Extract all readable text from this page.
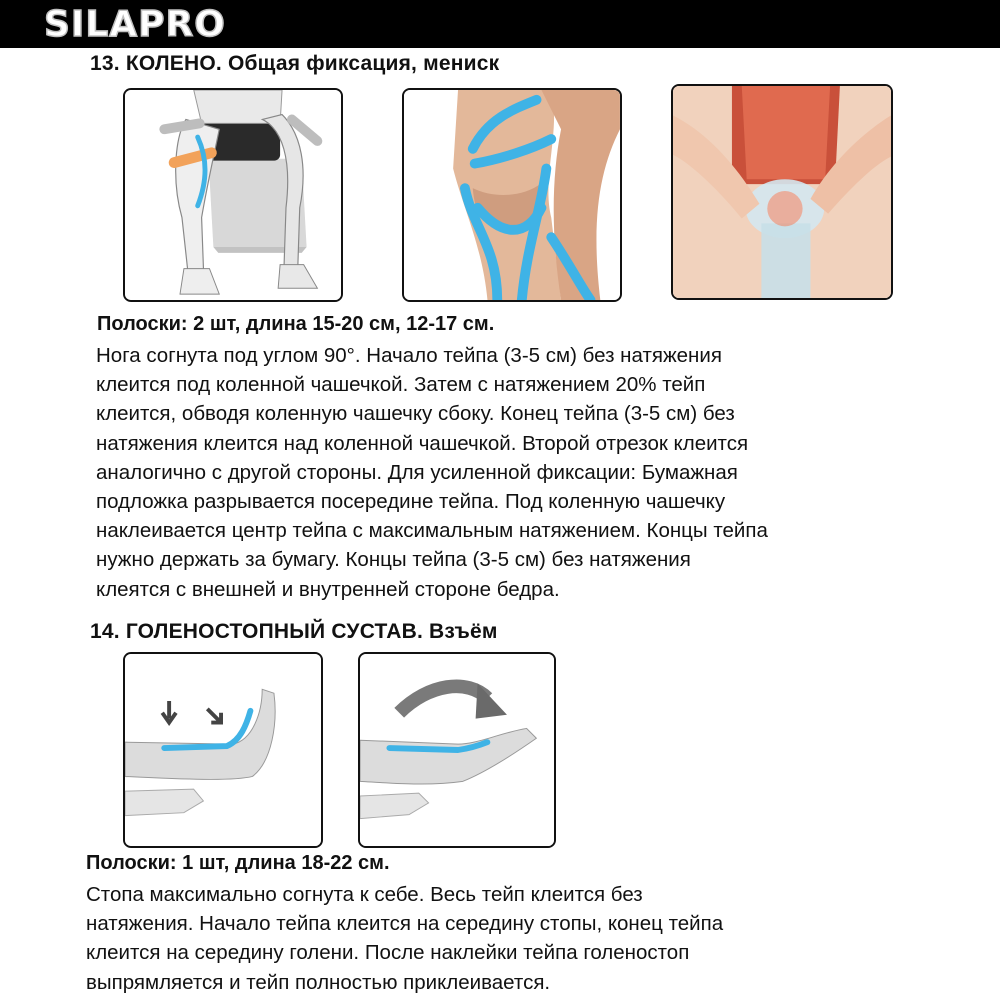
SILAPRO
13. КОЛЕНО. Общая фиксация, мениск
Полоски: 2 шт, длина 15-20 см, 12-17 см.

Нога согнута под углом 90°. Начало тейпа (3-5 см) без натяжения
клеится под коленной чашечкой. Затем с натяжением 20% тейп
клеится, обводя коленную чашечку сбоку. Конец тейпа (3-5 см) без
натяжения клеится над коленной чашечкой. Второй отрезок клеится
аналогично с другой стороны. Для усиленной фиксации: Бумажная
подложка разрывается посередине тейпа. Под коленную чашечку
наклеивается центр тейпа с максимальным натяжением. Концы тейпа
нужно держать за бумагу. Концы тейпа (3-5 см) без натяжения
клеятся с внешней и внутренней стороне бедра.

14. ГОЛЕНОСТОПНЫЙ СУСТАВ. Взъём
Полоски: 1 шт, длина 18-22 см.

Стопа максимально согнута к себе. Весь тейп клеится без
натяжения. Начало тейпа клеится на середину стопы, конец тейпа
клеится на середину голени. После наклейки тейпа голеностоп
выпрямляется и тейп полностью приклеивается.
